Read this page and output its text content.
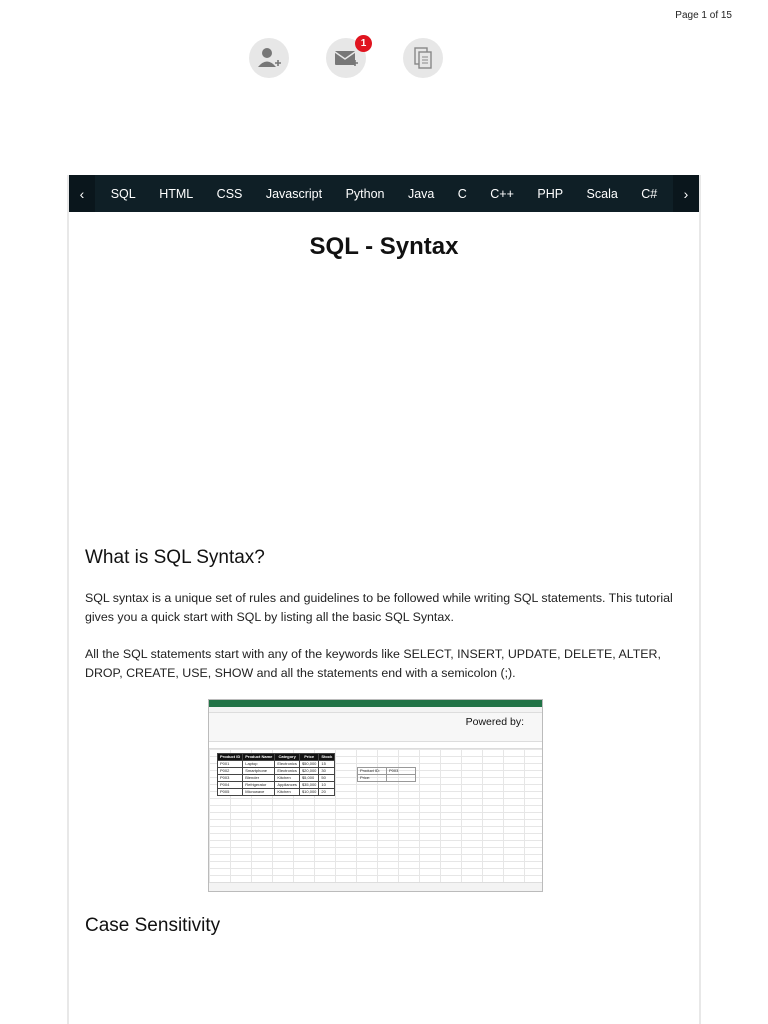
Page 1 of 15
1
‹ SQL HTML CSS Javascript Python Java C C++ PHP Scala C# ›
SQL - Syntax
What is SQL Syntax?

SQL syntax is a unique set of rules and guidelines to be followed while writing SQL statements. This tutorial gives you a quick start with SQL by listing all the basic SQL Syntax.

All the SQL statements start with any of the keywords like SELECT, INSERT, UPDATE, DELETE, ALTER, DROP, CREATE, USE, SHOW and all the statements end with a semicolon (;).

Powered by:
Product ID	Product Name	Category	Price	Stock
P001	Laptop	Electronics	$50,000	15
P002	Smartphone	Electronics	$20,000	30
P003	Blender	Kitchen	$5,000	50
P004	Refrigerator	Appliances	$35,000	10
P005	Microwave	Kitchen	$10,000	20
Product ID:	P003
Price:	
Case Sensitivity
